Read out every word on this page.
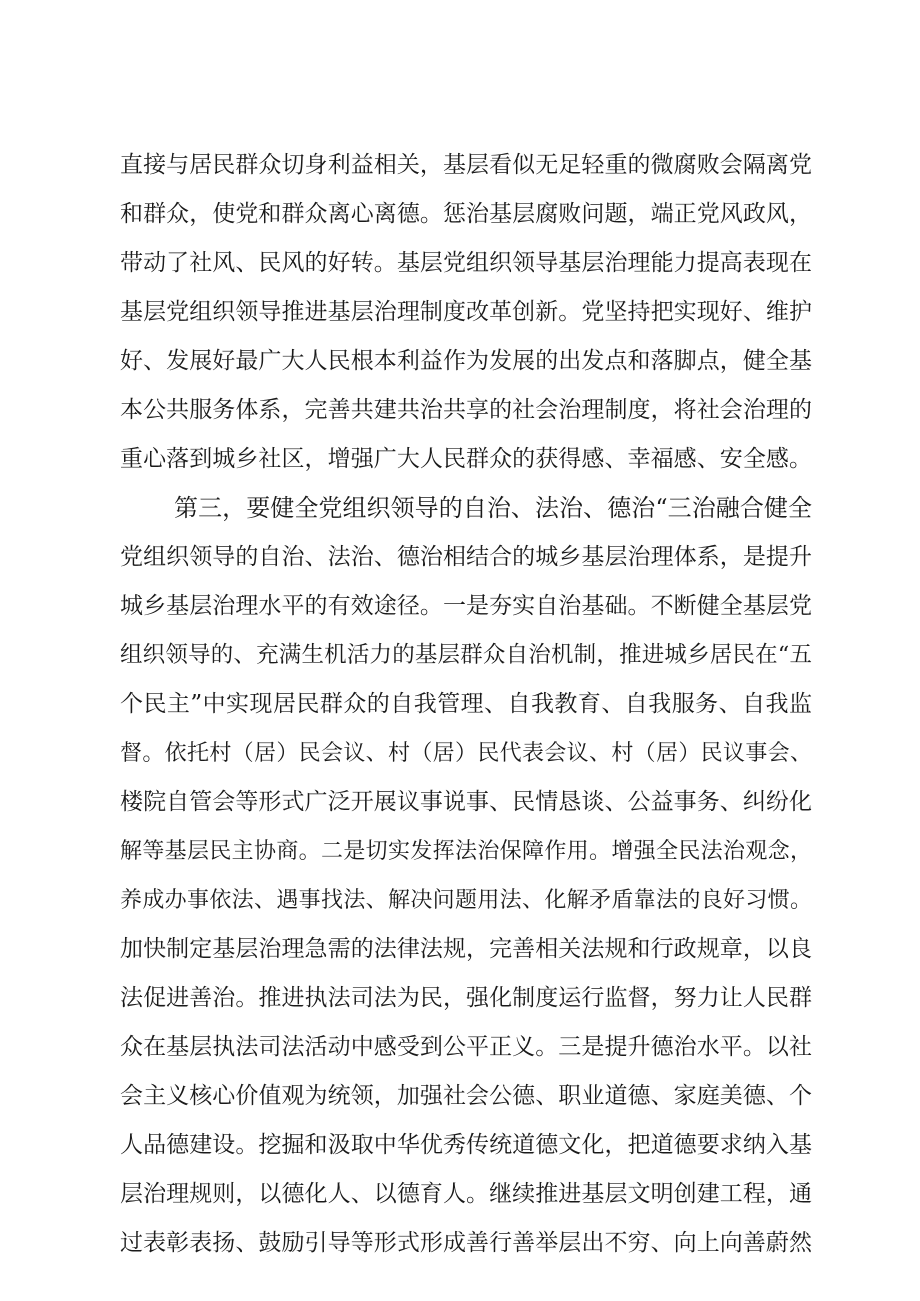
直接与居民群众切身利益相关，基层看似无足轻重的微腐败会隔离党
和群众，使党和群众离心离德。惩治基层腐败问题，端正党风政风，
带动了社风、民风的好转。基层党组织领导基层治理能力提高表现在
基层党组织领导推进基层治理制度改革创新。党坚持把实现好、维护
好、发展好最广大人民根本利益作为发展的出发点和落脚点，健全基
本公共服务体系，完善共建共治共享的社会治理制度，将社会治理的
重心落到城乡社区，增强广大人民群众的获得感、幸福感、安全感。
第三，要健全党组织领导的自治、法治、德治“三治融合健全
党组织领导的自治、法治、德治相结合的城乡基层治理体系，是提升
城乡基层治理水平的有效途径。一是夯实自治基础。不断健全基层党
组织领导的、充满生机活力的基层群众自治机制，推进城乡居民在“五
个民主”中实现居民群众的自我管理、自我教育、自我服务、自我监
督。依托村（居）民会议、村（居）民代表会议、村（居）民议事会、
楼院自管会等形式广泛开展议事说事、民情恳谈、公益事务、纠纷化
解等基层民主协商。二是切实发挥法治保障作用。增强全民法治观念，
养成办事依法、遇事找法、解决问题用法、化解矛盾靠法的良好习惯。
加快制定基层治理急需的法律法规，完善相关法规和行政规章，以良
法促进善治。推进执法司法为民，强化制度运行监督，努力让人民群
众在基层执法司法活动中感受到公平正义。三是提升德治水平。以社
会主义核心价值观为统领，加强社会公德、职业道德、家庭美德、个
人品德建设。挖掘和汲取中华优秀传统道德文化，把道德要求纳入基
层治理规则，以德化人、以德育人。继续推进基层文明创建工程，通
过表彰表扬、鼓励引导等形式形成善行善举层出不穷、向上向善蔚然
